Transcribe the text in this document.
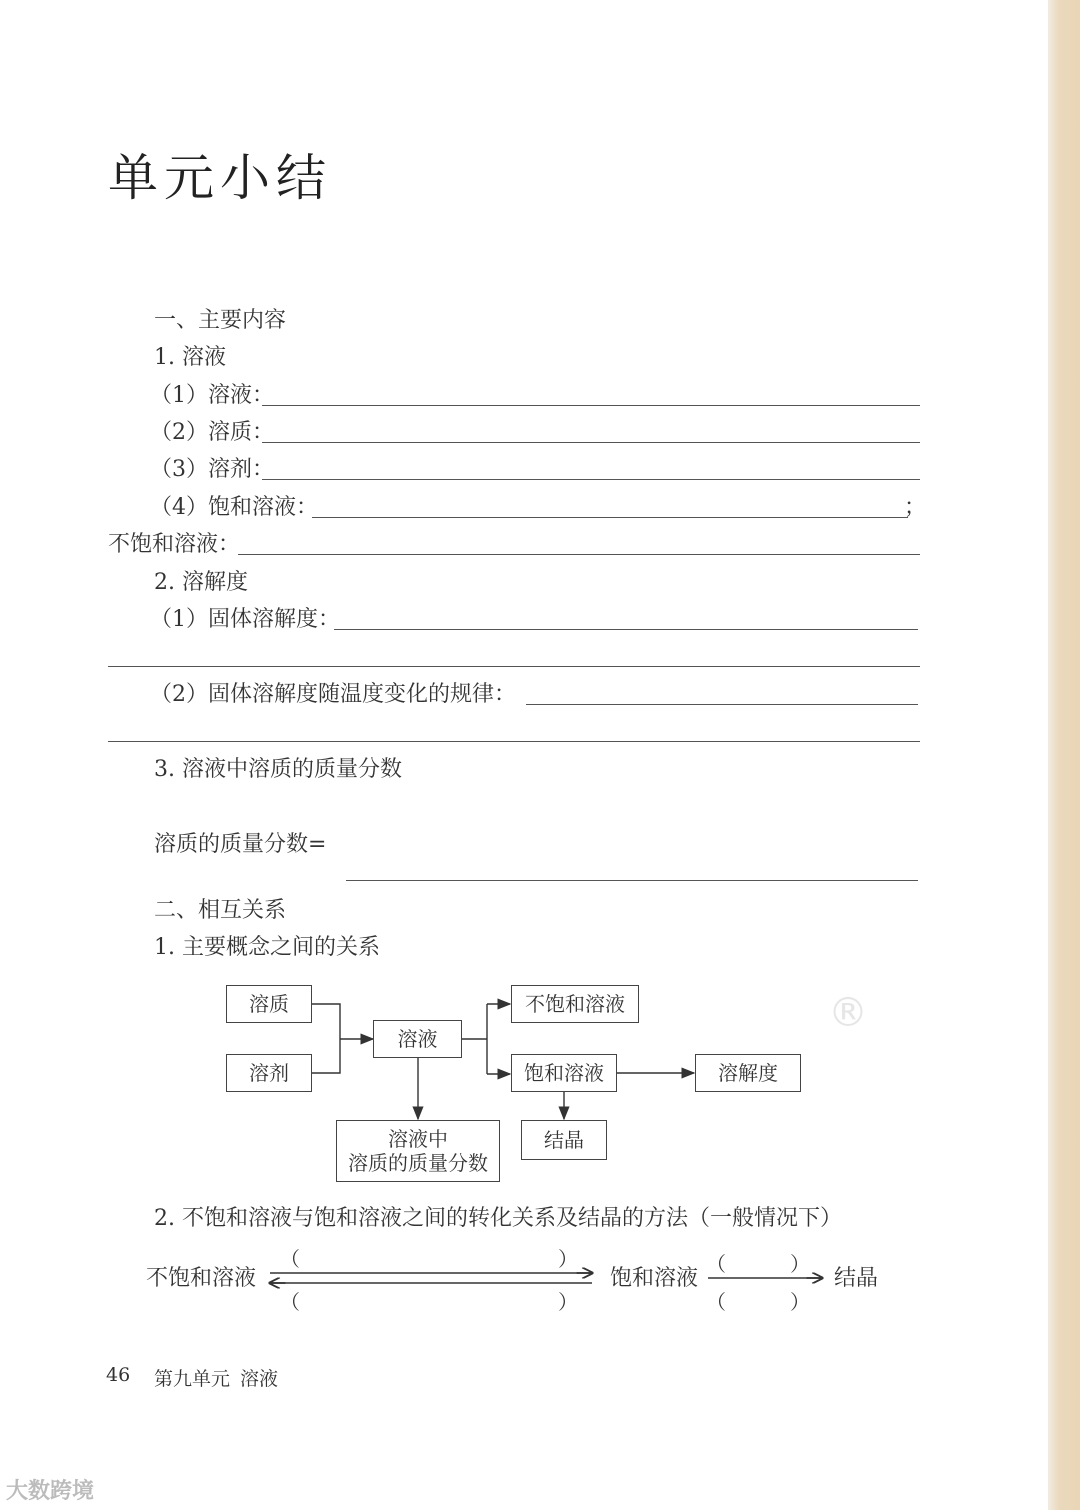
单元小结
一、主要内容
1. 溶液
（1）溶液：
（2）溶质：
（3）溶剂：
（4）饱和溶液：	；
不饱和溶液：
2. 溶解度
（1）固体溶解度：
（2）固体溶解度随温度变化的规律：
3. 溶液中溶质的质量分数
溶质的质量分数=
二、相互关系
1. 主要概念之间的关系
®
溶质
溶剂
溶液
不饱和溶液
饱和溶液	溶解度
结晶
溶液中
溶质的质量分数
2. 不饱和溶液与饱和溶液之间的转化关系及结晶的方法（一般情况下）
不饱和溶液	饱和溶液	结晶
（	）
（	）
（	）
（	）
46 第九单元 溶液
大数跨境
